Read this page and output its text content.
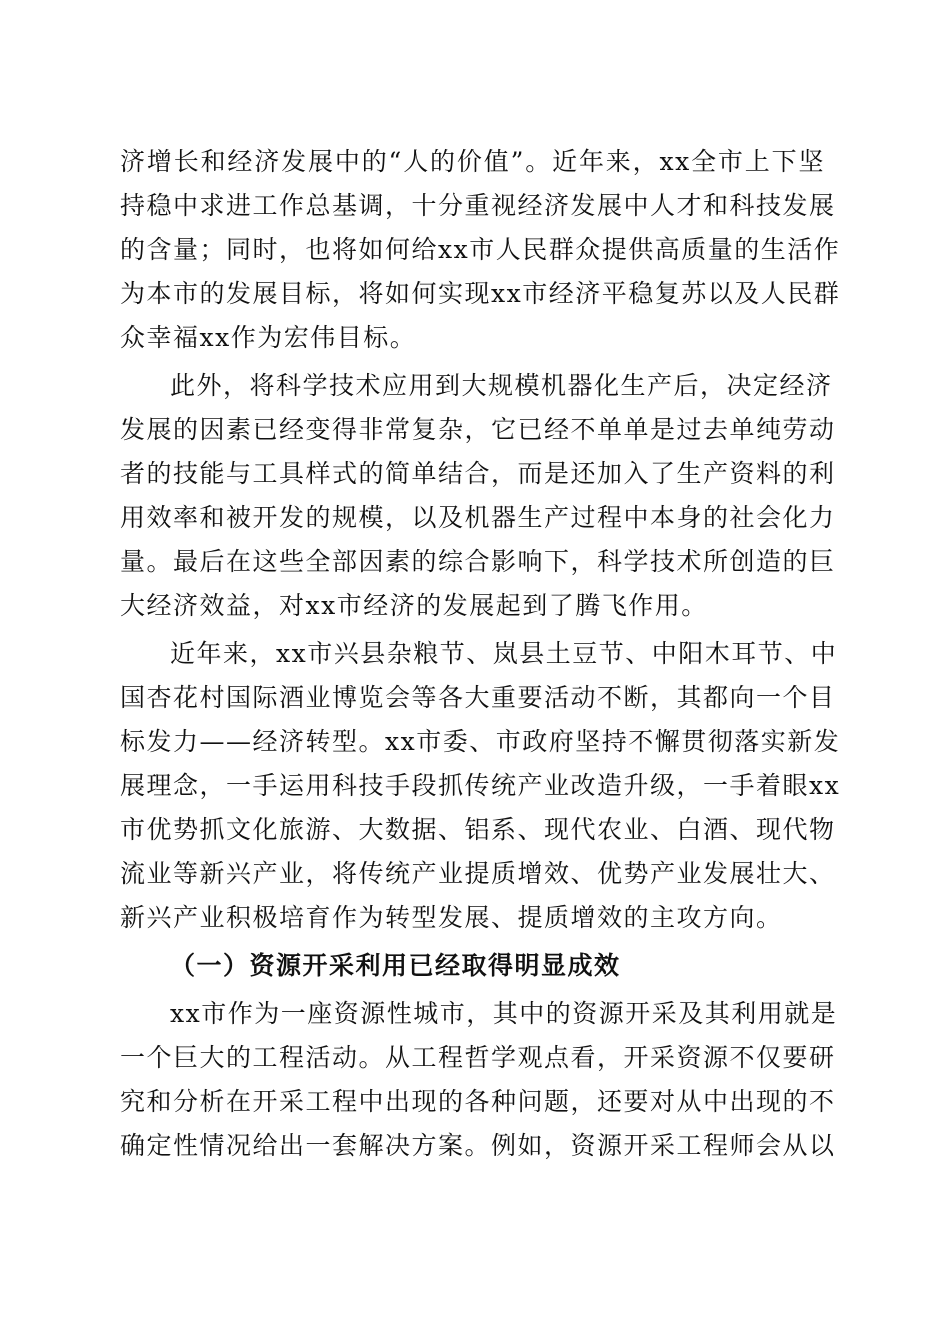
济增长和经济发展中的“人的价值”。近年来，xx全市上下坚
持稳中求进工作总基调，十分重视经济发展中人才和科技发展
的含量；同时，也将如何给xx市人民群众提供高质量的生活作
为本市的发展目标，将如何实现xx市经济平稳复苏以及人民群
众幸福xx作为宏伟目标。
此外，将科学技术应用到大规模机器化生产后，决定经济
发展的因素已经变得非常复杂，它已经不单单是过去单纯劳动
者的技能与工具样式的简单结合，而是还加入了生产资料的利
用效率和被开发的规模，以及机器生产过程中本身的社会化力
量。最后在这些全部因素的综合影响下，科学技术所创造的巨
大经济效益，对xx市经济的发展起到了腾飞作用。
近年来，xx市兴县杂粮节、岚县土豆节、中阳木耳节、中
国杏花村国际酒业博览会等各大重要活动不断，其都向一个目
标发力——经济转型。xx市委、市政府坚持不懈贯彻落实新发
展理念，一手运用科技手段抓传统产业改造升级，一手着眼xx
市优势抓文化旅游、大数据、铝系、现代农业、白酒、现代物
流业等新兴产业，将传统产业提质增效、优势产业发展壮大、
新兴产业积极培育作为转型发展、提质增效的主攻方向。
（一）资源开采利用已经取得明显成效
xx市作为一座资源性城市，其中的资源开采及其利用就是
一个巨大的工程活动。从工程哲学观点看，开采资源不仅要研
究和分析在开采工程中出现的各种问题，还要对从中出现的不
确定性情况给出一套解决方案。例如，资源开采工程师会从以
